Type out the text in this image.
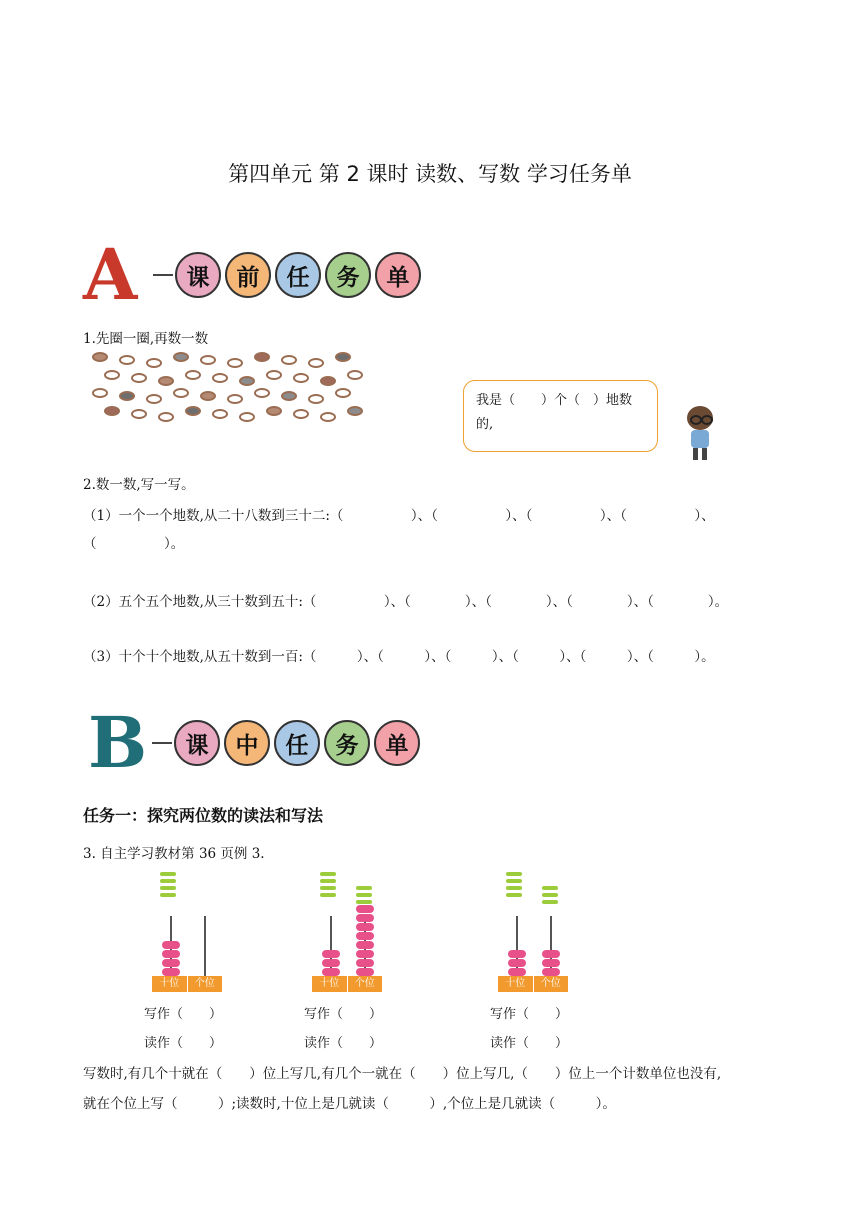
第四单元 第 2 课时 读数、写数 学习任务单
A	课	前	任	务	单
1.先圈一圈,再数一数
我是（　　）个（　）地数
的,
2.数一数,写一写。
（1）一个一个地数,从二十八数到三十二:（　　　　　）、（　　　　　）、（　　　　　）、（　　　　　）、
（　　　　　）。
（2）五个五个地数,从三十数到五十:（　　　　　）、（　　　　）、（　　　　）、（　　　　）、（　　　　）。
（3）十个十个地数,从五十数到一百:（　　　）、（　　　）、（　　　）、（　　　）、（　　　）、（　　　）。
B	课	中	任	务	单
任务一：探究两位数的读法和写法
3. 自主学习教材第 36 页例 3.
十位	个位
写作（　　）
读作（　　）
十位	个位
写作（　　）
读作（　　）
十位	个位
写作（　　）
读作（　　）
写数时,有几个十就在（　　）位上写几,有几个一就在（　　）位上写几,（　　）位上一个计数单位也没有,
就在个位上写（　　　）;读数时,十位上是几就读（　　　）,个位上是几就读（　　　）。
